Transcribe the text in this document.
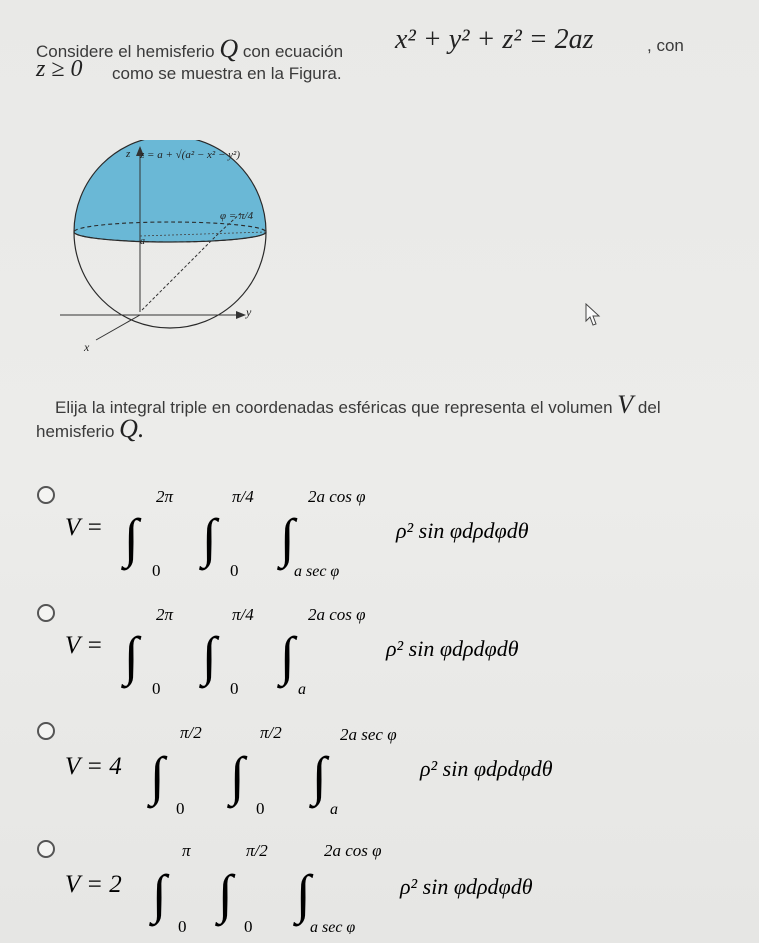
Considere el hemisferio Q con ecuación x² + y² + z² = 2az	, con
z ≥ 0 como se muestra en la Figura.
z = a + √(a² − x² − y²)
φ = π/4
a
z
y
x
Elija la integral triple en coordenadas esféricas que representa el volumen V del
hemisferio Q.
V = ∫
2π
0
∫
π/4
0
∫
2a cos φ
a sec φ
ρ² sin φdρdφdθ
V = ∫
2π
0
∫
π/4
0
∫
2a cos φ
a
ρ² sin φdρdφdθ
V = 4 ∫
π/2
0
∫
π/2
0
∫
2a sec φ
a
ρ² sin φdρdφdθ
V = 2 ∫
π
0
∫
π/2
0
∫
2a cos φ
a sec φ
ρ² sin φdρdφdθ
